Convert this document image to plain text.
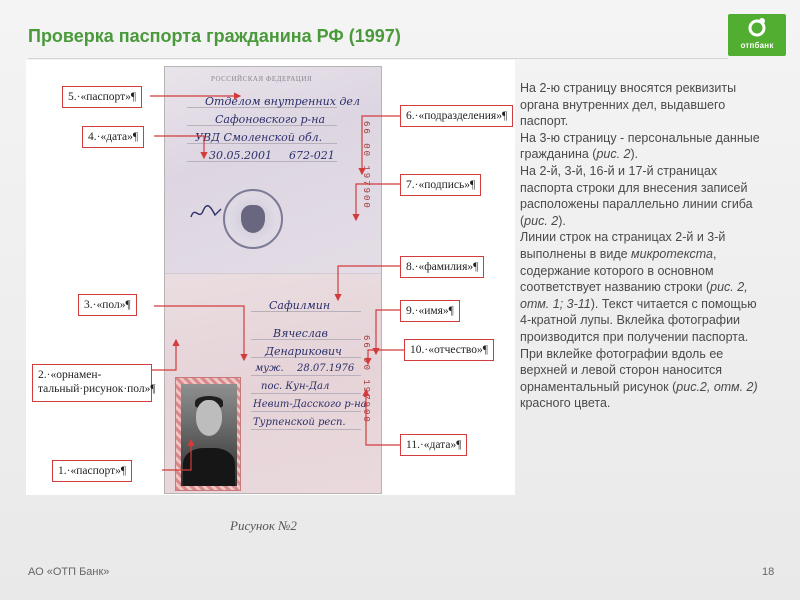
Проверка паспорта гражданина РФ (1997)	отпбанк
РОССИЙСКАЯ ФЕДЕРАЦИЯ
Отделом внутренних дел
Сафоновского р-на
УВД Смоленской обл.
30.05.2001 672-021	66 00 197900
Сафилмин
Вячеслав
Денарикович
муж. 28.07.1976
пос. Кун-Дал
Невит-Дасского р-на
Турпенской респ. 66 00 197900
5.·«паспорт»¶
4.·«дата»¶
6.·«подразделения»¶
7.·«подпись»¶
8.·«фамилия»¶
3.·«пол»¶	9.·«имя»¶
10.·«отчество»¶
2.·«орнамен-тальный·рисунок·пол»¶
11.·«дата»¶
1.·«паспорт»¶
Рисунок №2

На 2-ю страницу вносятся реквизиты органа внутренних дел, выдавшего паспорт.

На 3-ю страницу - персональные данные гражданина (рис. 2).

На 2-й, 3-й, 16-й и 17-й страницах паспорта строки для внесения записей расположены параллельно линии сгиба (рис. 2).

Линии строк на страницах 2-й и 3-й выполнены в виде микротекста, содержание которого в основном соответствует названию строки (рис. 2, отм. 1; 3-11). Текст читается с помощью 4-кратной лупы. Вклейка фотографии производится при получении паспорта. При вклейке фотографии вдоль ее верхней и левой сторон наносится орнаментальный рисунок (рис.2, отм. 2) красного цвета.

АО «ОТП Банк»	18
